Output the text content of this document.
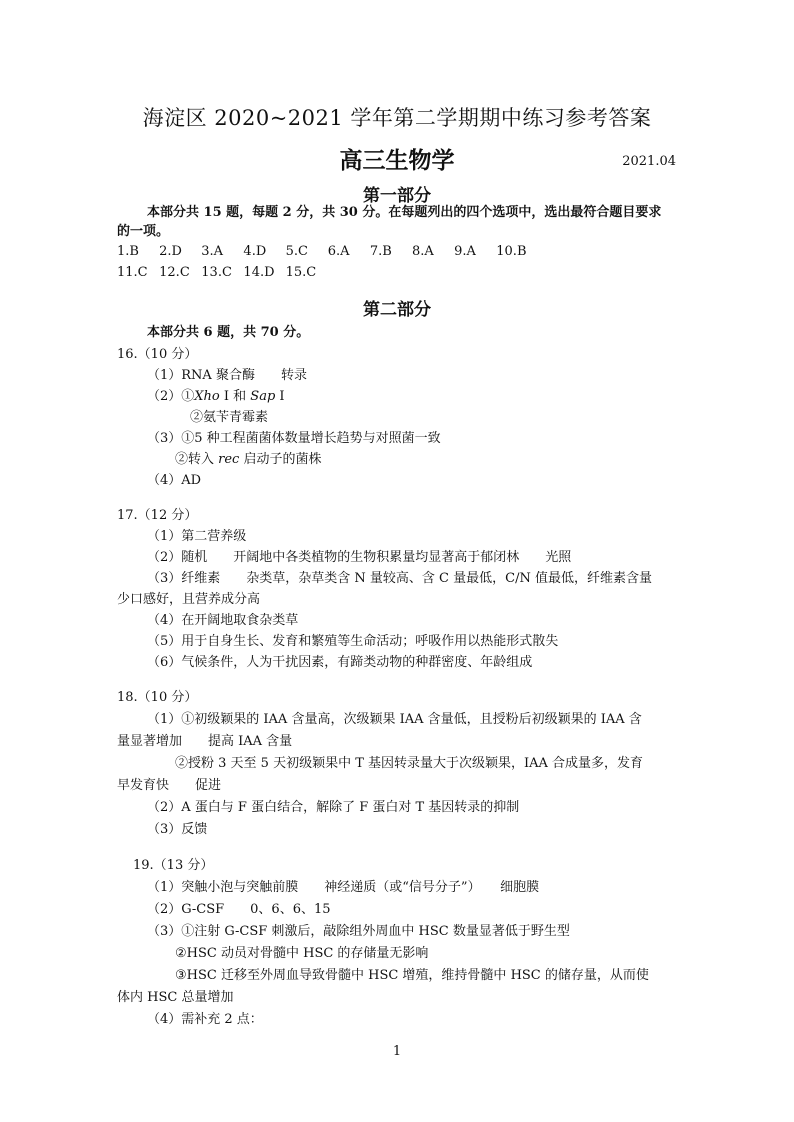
海淀区 2020~2021 学年第二学期期中练习参考答案
高三生物学	2021.04
第一部分
本部分共 15 题，每题 2 分，共 30 分。在每题列出的四个选项中，选出最符合题目要求
的一项。
1.B 2.D 3.A 4.D 5.C 6.A 7.B 8.A 9.A 10.B
11.C 12.C 13.C 14.D 15.C
第二部分
本部分共 6 题，共 70 分。
16.（10 分）
（1）RNA 聚合酶　　转录
（2）①Xho I 和 Sap I
②氨苄青霉素
（3）①5 种工程菌菌体数量增长趋势与对照菌一致
②转入 rec 启动子的菌株
（4）AD
17.（12 分）
（1）第二营养级
（2）随机　　开阔地中各类植物的生物积累量均显著高于郁闭林　　光照
（3）纤维素　　杂类草，杂草类含 N 量较高、含 C 量最低，C/N 值最低，纤维素含量
少口感好，且营养成分高
（4）在开阔地取食杂类草
（5）用于自身生长、发育和繁殖等生命活动；呼吸作用以热能形式散失
（6）气候条件，人为干扰因素，有蹄类动物的种群密度、年龄组成
18.（10 分）
（1）①初级颖果的 IAA 含量高，次级颖果 IAA 含量低，且授粉后初级颖果的 IAA 含
量显著增加　　提高 IAA 含量
②授粉 3 天至 5 天初级颖果中 T 基因转录量大于次级颖果，IAA 合成量多，发育
早发育快　　促进
（2）A 蛋白与 F 蛋白结合，解除了 F 蛋白对 T 基因转录的抑制
（3）反馈
19.（13 分）
（1）突触小泡与突触前膜　　神经递质（或“信号分子”）　　细胞膜
（2）G-CSF　　0、6、6、15
（3）①注射 G-CSF 刺激后，敲除组外周血中 HSC 数量显著低于野生型
②HSC 动员对骨髓中 HSC 的存储量无影响
③HSC 迁移至外周血导致骨髓中 HSC 增殖，维持骨髓中 HSC 的储存量，从而使
体内 HSC 总量增加
（4）需补充 2 点：
1
